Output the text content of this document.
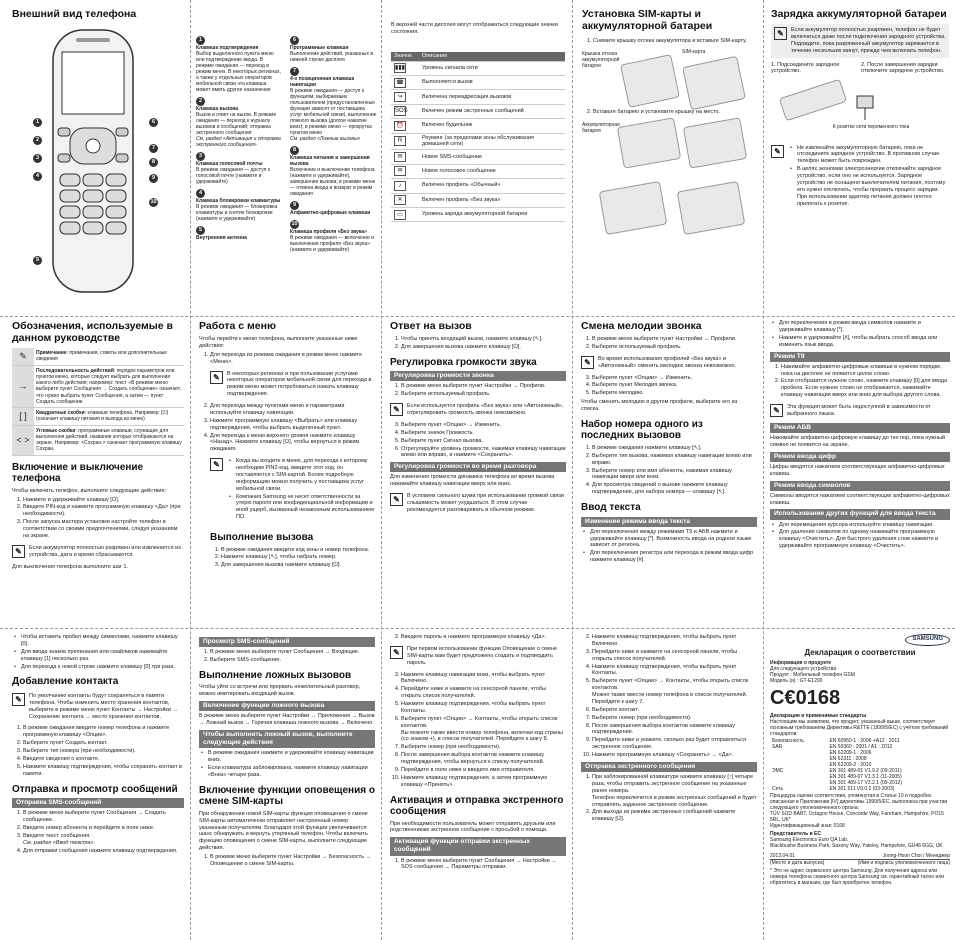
Внешний вид телефона
1
2
3
4
5
6
7
8
9
10
1
Клавиша подтверждения
Выбор выделенного пункта меню или подтверждение ввода. В режиме ожидания — переход в режим меню. В некоторых регионах, а также у отдельных операторов мобильной связи эта клавиша может иметь другое назначение
2
Клавиша вызова
Вызов и ответ на вызов. В режиме ожидания — переход к журналу вызовов и сообщений; отправка экстренного сообщения
См. раздел «Активация и отправка экстренного сообщения»
3
Клавиша голосовой почты
В режиме ожидания — доступ к голосовой почте (нажмите и удерживайте)
4
Клавиша блокировки клавиатуры
В режиме ожидания — блокировка клавиатуры и снятие блокировки (нажмите и удерживайте)
5
Внутренняя антенна
6
Программные клавиши
Выполнение действий, указанных в нижней строке дисплея
7
4-х позиционная клавиша навигации
В режиме ожидания — доступ к функциям, выбираемым пользователем (предустановленные функции зависят от поставщика услуг мобильной связи), выполнение ложного вызова (долгое нажатие вниз); в режиме меню — прокрутка пунктов меню
См. раздел «Ложные вызовы»
8
Клавиша питания и завершения вызова
Включение и выключение телефона (нажмите и удерживайте), завершение вызова; в режиме меню — отмена ввода и возврат в режим ожидания
9
Алфавитно-цифровые клавиши
10
Клавиша профиля «Без звука»
В режиме ожидания — включение и выключение профиля «Без звука» (нажмите и удерживайте)

В верхней части дисплея могут отображаться следующие значки состояния.

Значок	Описание
▮▮▮	Уровень сигнала сети
☎	Выполняется вызов
↪	Включена переадресация вызовов
SOS	Включен режим экстренных сообщений
⏰	Включен будильник
R	Роуминг (за пределами зоны обслуживания домашней сети)
✉	Новое SMS-сообщение
✉	Новое голосовое сообщение
♪	Включен профиль «Обычный»
✕	Включен профиль «Без звука»
▭	Уровень заряда аккумуляторной батареи
Установка SIM-карты и аккумуляторной батареи
1. Снимите крышку отсека аккумулятора и вставьте SIM-карту.
Крышка отсека аккумуляторной батареи
SIM-карта
2. Вставьте батарею и установите крышку на место.
Аккумуляторная батарея
Зарядка аккумуляторной батареи
✎	Если аккумулятор полностью разряжен, телефон не будет включаться даже после подключения зарядного устройства. Подождите, пока разряженный аккумулятор заряжается в течение нескольких минут, прежде чем включать телефон.
1. Подсоедините зарядное устройство.
2. После завершения зарядки отключите зарядное устройство.
К розетке сети переменного тока
✎	• Не извлекайте аккумуляторную батарею, пока не отсоедините зарядное устройство. В противном случае телефон может быть поврежден.
• В целях экономии электроэнергии отключайте зарядное устройство, если оно не используется. Зарядное устройство не оснащено выключателем питания, поэтому его нужно отключать, чтобы прервать процесс зарядки. При использовании адаптер питания должен плотно прилегать к розетке.
Обозначения, используемые в данном руководстве
✎	Примечание: примечания, советы или дополнительные сведения
→	Последовательность действий: порядок параметров или пунктов меню, которые следует выбрать для выполнения какого-либо действия; например: текст «В режиме меню выберите пункт Сообщения → Создать сообщение» означает, что нужно выбрать пункт Сообщения, а затем — пункт Создать сообщение
[ ]	Квадратные скобки: клавиши телефона. Например: [⏻] (означает клавишу питания и выхода из меню)
< >	Угловые скобки: программные клавиши, служащие для выполнения действий, названия которых отображаются на экране. Например: <Сохран.> означает программную клавишу Сохран.
Включение и выключение телефона

Чтобы включить телефон, выполните следующие действия:

1. Нажмите и удерживайте клавишу [⏻].
2. Введите PIN-код и нажмите программную клавишу <Да> (при необходимости).
3. После запуска мастера установки настройте телефон в соответствии со своими предпочтениями, следуя указаниям на экране.
✎	Если аккумулятор полностью разряжен или извлекается из устройства, дата и время сбрасываются.

Для выключения телефона выполните шаг 1.

Работа с меню

Чтобы перейти к меню телефона, выполните указанные ниже действия:

1. Для перехода из режима ожидания в режим меню нажмите <Меню>.
✎	В некоторых регионах и при пользовании услугами некоторых операторов мобильной связи для перехода в режим меню может потребоваться нажать клавишу подтверждения.
2. Для перехода между пунктами меню и параметрами используйте клавишу навигации.
3. Нажмите программную клавишу <Выбрать> или клавишу подтверждения, чтобы выбрать выделенный пункт.
4. Для перехода к меню верхнего уровня нажмите клавишу <Назад>. Нажмите клавишу [⏻], чтобы вернуться в режим ожидания.
✎	• Когда вы входите в меню, для перехода к которому необходим PIN2-код, введите этот код, он поставляется с SIM-картой. Более подробную информацию можно получить у поставщика услуг мобильной связи.
• Компания Samsung не несет ответственности за утерю пароля или конфиденциальной информации и иной ущерб, вызванный незаконным использованием ПО.
Выполнение вызова
1. В режиме ожидания введите код зоны и номер телефона.
2. Нажмите клавишу [↖], чтобы набрать номер.
3. Для завершения вызова нажмите клавишу [⏻].
Ответ на вызов
1. Чтобы принять входящий вызов, нажмите клавишу [↖].
2. Для завершения вызова нажмите клавишу [⏻].
Регулировка громкости звука
Регулировка громкости звонка
1. В режиме меню выберите пункт Настройки → Профили.
2. Выберите используемый профиль.
✎	Если используется профиль «Без звука» или «Автономный», отрегулировать громкость звонка невозможно.
3. Выберите пункт <Опции> → Изменить.
4. Выберите значок Громкость.
5. Выберите пункт Сигнал вызова.
6. Отрегулируйте уровень громкости, нажимая клавишу навигации влево или вправо, и нажмите <Сохранить>.
Регулировка громкости во время разговора

Для изменения громкости динамика телефона во время вызова нажимайте клавишу навигации вверх или вниз.

✎	В условиях сильного шума при использовании громкой связи слышимость может ухудшаться. В этом случае рекомендуется разговаривать в обычном режиме.
Смена мелодии звонка
1. В режиме меню выберите пункт Настройки → Профили.
2. Выберите используемый профиль.
✎	Во время использования профилей «Без звука» и «Автономный» сменить мелодию звонка невозможно.
3. Выберите пункт <Опции> → Изменить.
4. Выберите пункт Мелодия звонка.
5. Выберите мелодию.

Чтобы сменить мелодию в другом профиле, выберите его из списка.

Набор номера одного из последних вызовов
1. В режиме ожидания нажмите клавишу [↖].
2. Выберите тип вызова, нажимая клавишу навигации влево или вправо.
3. Выберите номер или имя абонента, нажимая клавишу навигации вверх или вниз.
4. Для просмотра сведений о вызове нажмите клавишу подтверждения, для набора номера — клавишу [↖].
Ввод текста
Изменение режима ввода текста
• Для переключения между режимами T9 и АБВ нажмите и удерживайте клавишу [*]. Возможность ввода на родном языке зависит от региона.
• Для переключения регистра или перехода в режим ввода цифр нажмите клавишу [#].
• Для переключения в режим ввода символов нажмите и удерживайте клавишу [*].
• Нажмите и удерживайте [#], чтобы выбрать способ ввода или изменить язык ввода.
Режим T9
1. Нажимайте алфавитно-цифровые клавиши в нужном порядке, пока на дисплее не появится целое слово.
2. Если отобразится нужное слово, нажмите клавишу [0] для ввода пробела. Если нужное слово не отображается, нажимайте клавишу навигации вверх или вниз для выбора другого слова.
✎	Эта функция может быть недоступной в зависимости от выбранного языка.
Режим АБВ

Нажимайте алфавитно-цифровую клавишу до тех пор, пока нужный символ не появится на экране.

Режим ввода цифр

Цифры вводятся нажатием соответствующих алфавитно-цифровых клавиш.

Режим ввода символов

Символы вводятся нажатием соответствующих алфавитно-цифровых клавиш.

Использование других функций для ввода текста
• Для перемещения курсора используйте клавишу навигации.
• Для удаления символов по одному нажимайте программную клавишу <Очистить>. Для быстрого удаления слов нажмите и удерживайте программную клавишу <Очистить>.
• Чтобы вставить пробел между символами, нажмите клавишу [0].
• Для ввода знаков препинания или смайликов нажимайте клавишу [1] несколько раз.
• Для перехода к новой строке нажмите клавишу [0] три раза.
Добавление контакта
✎	По умолчанию контакты будут сохраняться в памяти телефона. Чтобы изменить место хранения контактов, выберите в режиме меню пункт Контакты → Настройки → Сохранение контакта → место хранения контактов.
1. В режиме ожидания введите номер телефона и нажмите программную клавишу <Опции>.
2. Выберите пункт Создать контакт.
3. Выберите тип номера (при необходимости).
4. Введите сведения о контакте.
5. Нажмите клавишу подтверждения, чтобы сохранить контакт в памяти.
Отправка и просмотр сообщений
Отправка SMS-сообщений
1. В режиме меню выберите пункт Сообщения → Создать сообщение.
2. Введите номер абонента и перейдите в поле ниже.
3. Введите текст сообщения.
См. раздел «Ввод текста».
4. Для отправки сообщения нажмите клавишу подтверждения.
Просмотр SMS-сообщений
1. В режиме меню выберите пункт Сообщения → Входящие.
2. Выберите SMS-сообщение.
Выполнение ложных вызовов

Чтобы уйти со встречи или прервать нежелательный разговор, можно имитировать входящий вызов.

Включение функции ложного вызова

В режиме меню выберите пункт Настройки → Приложения → Вызов → Ложный вызов → Горячая клавиша ложного вызова → Включено.

Чтобы выполнить ложный вызов, выполните следующие действия
• В режиме ожидания нажмите и удерживайте клавишу навигации вниз.
• Если клавиатура заблокирована, нажмите клавишу навигации «Вниз» четыре раза.
Включение функции оповещения о смене SIM-карты

При обнаружении новой SIM-карты функция оповещения о смене SIM-карты автоматически отправляет настроенный номер указанным получателям. Благодаря этой функции увеличивается шанс обнаружить и вернуть утерянный телефон. Чтобы включить функцию оповещения о смене SIM-карты, выполните следующие действия.

1. В режиме меню выберите пункт Настройки → Безопасность → Оповещение о смене SIM-карты.
2. Введите пароль и нажмите программную клавишу <Да>.
✎	При первом использовании функции Оповещение о смене SIM-карты вам будет предложено создать и подтвердить пароль.
3. Нажмите клавишу навигации вниз, чтобы выбрать пункт Включено.
4. Перейдите ниже и нажмите на сенсорной панели, чтобы открыть список получателей.
5. Нажмите клавишу подтверждения, чтобы выбрать пункт Контакты.
6. Выберите пункт <Опции> → Контакты, чтобы открыть список контактов.
Вы можете также ввести номер телефона, включая код страны (со знаком +), в список получателей. Перейдите к шагу 8.
7. Выберите номер (при необходимости).
8. После завершения выбора контактов нажмите клавишу подтверждения, чтобы вернуться к списку получателей.
9. Перейдите в поле ниже и введите имя отправителя.
10. Нажмите клавишу подтверждения, а затем программную клавишу <Принять>.
Активация и отправка экстренного сообщения

При необходимости пользователь может отправить друзьям или родственникам экстренное сообщение с просьбой о помощи.

Активация функции отправки экстренных сообщений
1. В режиме меню выберите пункт Сообщения → Настройки → SOS сообщения → Параметры отправки.
2. Нажмите клавишу подтверждения, чтобы выбрать пункт Включено.
3. Перейдите ниже и нажмите на сенсорной панели, чтобы открыть список получателей.
4. Нажмите клавишу подтверждения, чтобы выбрать пункт Контакты.
5. Выберите пункт <Опции> → Контакты, чтобы открыть список контактов.
Можно также ввести номер телефона в список получателей. Перейдите к шагу 7.
6. Выберите контакт.
7. Выберите номер (при необходимости).
8. После завершения выбора контактов нажмите клавишу подтверждения.
9. Перейдите ниже и укажите, сколько раз будет отправляться экстренное сообщение.
10. Нажмите программную клавишу <Сохранить> → <Да>.
Отправка экстренного сообщения
1. При заблокированной клавиатуре нажмите клавишу [↑] четыре раза, чтобы отправить экстренное сообщение на указанные ранее номера.
Телефон переключится в режим экстренных сообщений и будет отправлять заданное экстренное сообщение.
2. Для выхода из режима экстренных сообщений нажмите клавишу [⏻].
SAMSUNG
Декларация о соответствии
Информация о продукте
Для следующего устройства
Продукт : Мобильный телефон GSM
Модель (и) : GT-E1200
C€0168
Декларация и применимые стандарты
Настоящим мы заявляем, что продукт, указанный выше, соответствует основным требованиям Директивы R&TTE (1999/5/EC) с учётом требований стандартов:
Безопасность	EN 60950-1 : 2006 +A12 : 2011
SAR	EN 50360 : 2001 / A1 : 2012
	EN 62209-1 : 2006
	EN 62311 : 2008
	EN 62209-2 : 2010
ЭМС	EN 301 489-01 V1.9.2 (09-2011)
	EN 301 489-07 V1.3.1 (11-2005)
	EN 301 489-17 V2.2.1 (09-2012)
Сеть	EN 301 511 V9.0.2 (03-2003)
Процедура оценки соответствия, упомянутая в Статье 10 и подробно описанная в Приложении [IV] директивы 1999/5/EC, выполнена при участии следующего уполномоченного органа:
TÜV SÜD BABT, Octagon House, Concorde Way, Fareham, Hampshire, PO15 5RL, UK*
Идентификационный знак: 0168
Представитель в ЕС
Samsung Electronics Euro QA Lab.
Blackbushe Business Park, Saxony Way, Yateley, Hampshire, GU46 6GG, UK
2013.04.01	Joong-Hoon Choi / Менеджер
(Место и дата выпуска)	(Имя и подпись уполномоченного лица)
* Это не адрес сервисного центра Samsung. Для получения адреса или номера телефона сервисного центра Samsung см. гарантийный талон или обратитесь в магазин, где был приобретен телефон.
